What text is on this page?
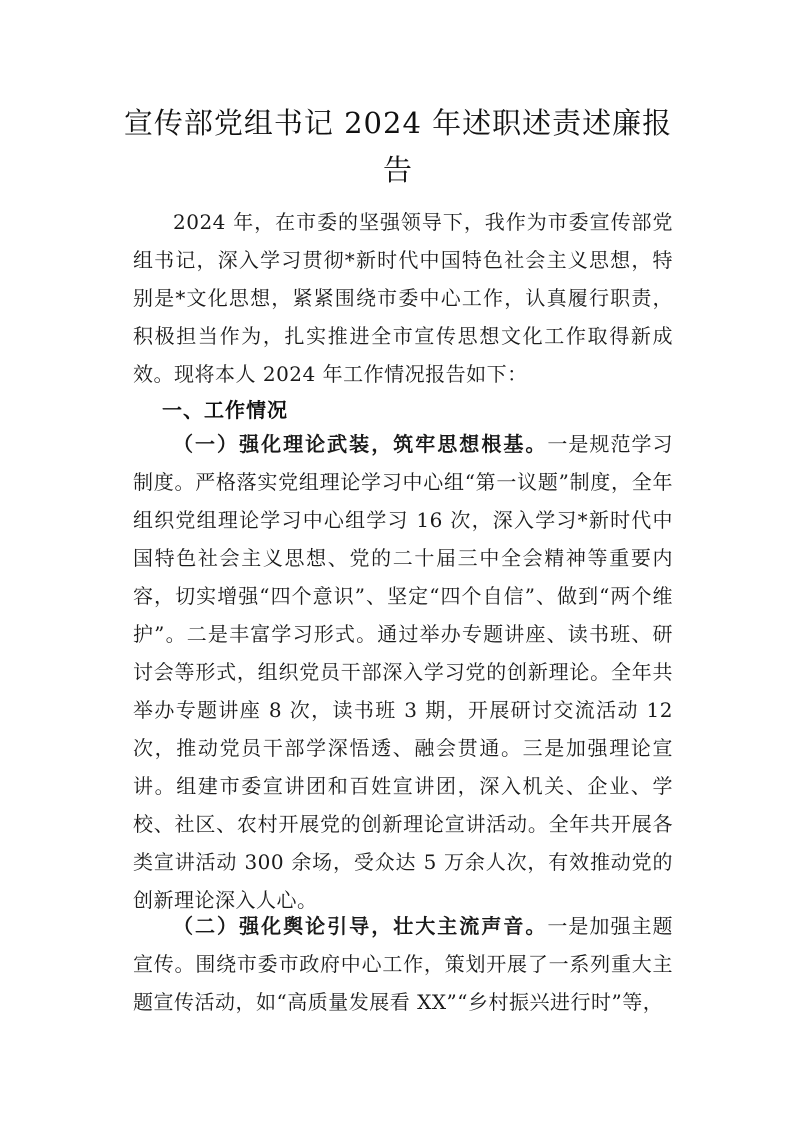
宣传部党组书记 2024 年述职述责述廉报告

2024 年，在市委的坚强领导下，我作为市委宣传部党组书记，深入学习贯彻*新时代中国特色社会主义思想，特别是*文化思想，紧紧围绕市委中心工作，认真履行职责，积极担当作为，扎实推进全市宣传思想文化工作取得新成效。现将本人 2024 年工作情况报告如下：

一、工作情况

（一）强化理论武装，筑牢思想根基。一是规范学习制度。严格落实党组理论学习中心组“第一议题”制度，全年组织党组理论学习中心组学习 16 次，深入学习*新时代中国特色社会主义思想、党的二十届三中全会精神等重要内容，切实增强“四个意识”、坚定“四个自信”、做到“两个维护”。二是丰富学习形式。通过举办专题讲座、读书班、研讨会等形式，组织党员干部深入学习党的创新理论。全年共举办专题讲座 8 次，读书班 3 期，开展研讨交流活动 12 次，推动党员干部学深悟透、融会贯通。三是加强理论宣讲。组建市委宣讲团和百姓宣讲团，深入机关、企业、学校、社区、农村开展党的创新理论宣讲活动。全年共开展各类宣讲活动 300 余场，受众达 5 万余人次，有效推动党的创新理论深入人心。

（二）强化舆论引导，壮大主流声音。一是加强主题宣传。围绕市委市政府中心工作，策划开展了一系列重大主题宣传活动，如“高质量发展看 XX”“乡村振兴进行时”等，
